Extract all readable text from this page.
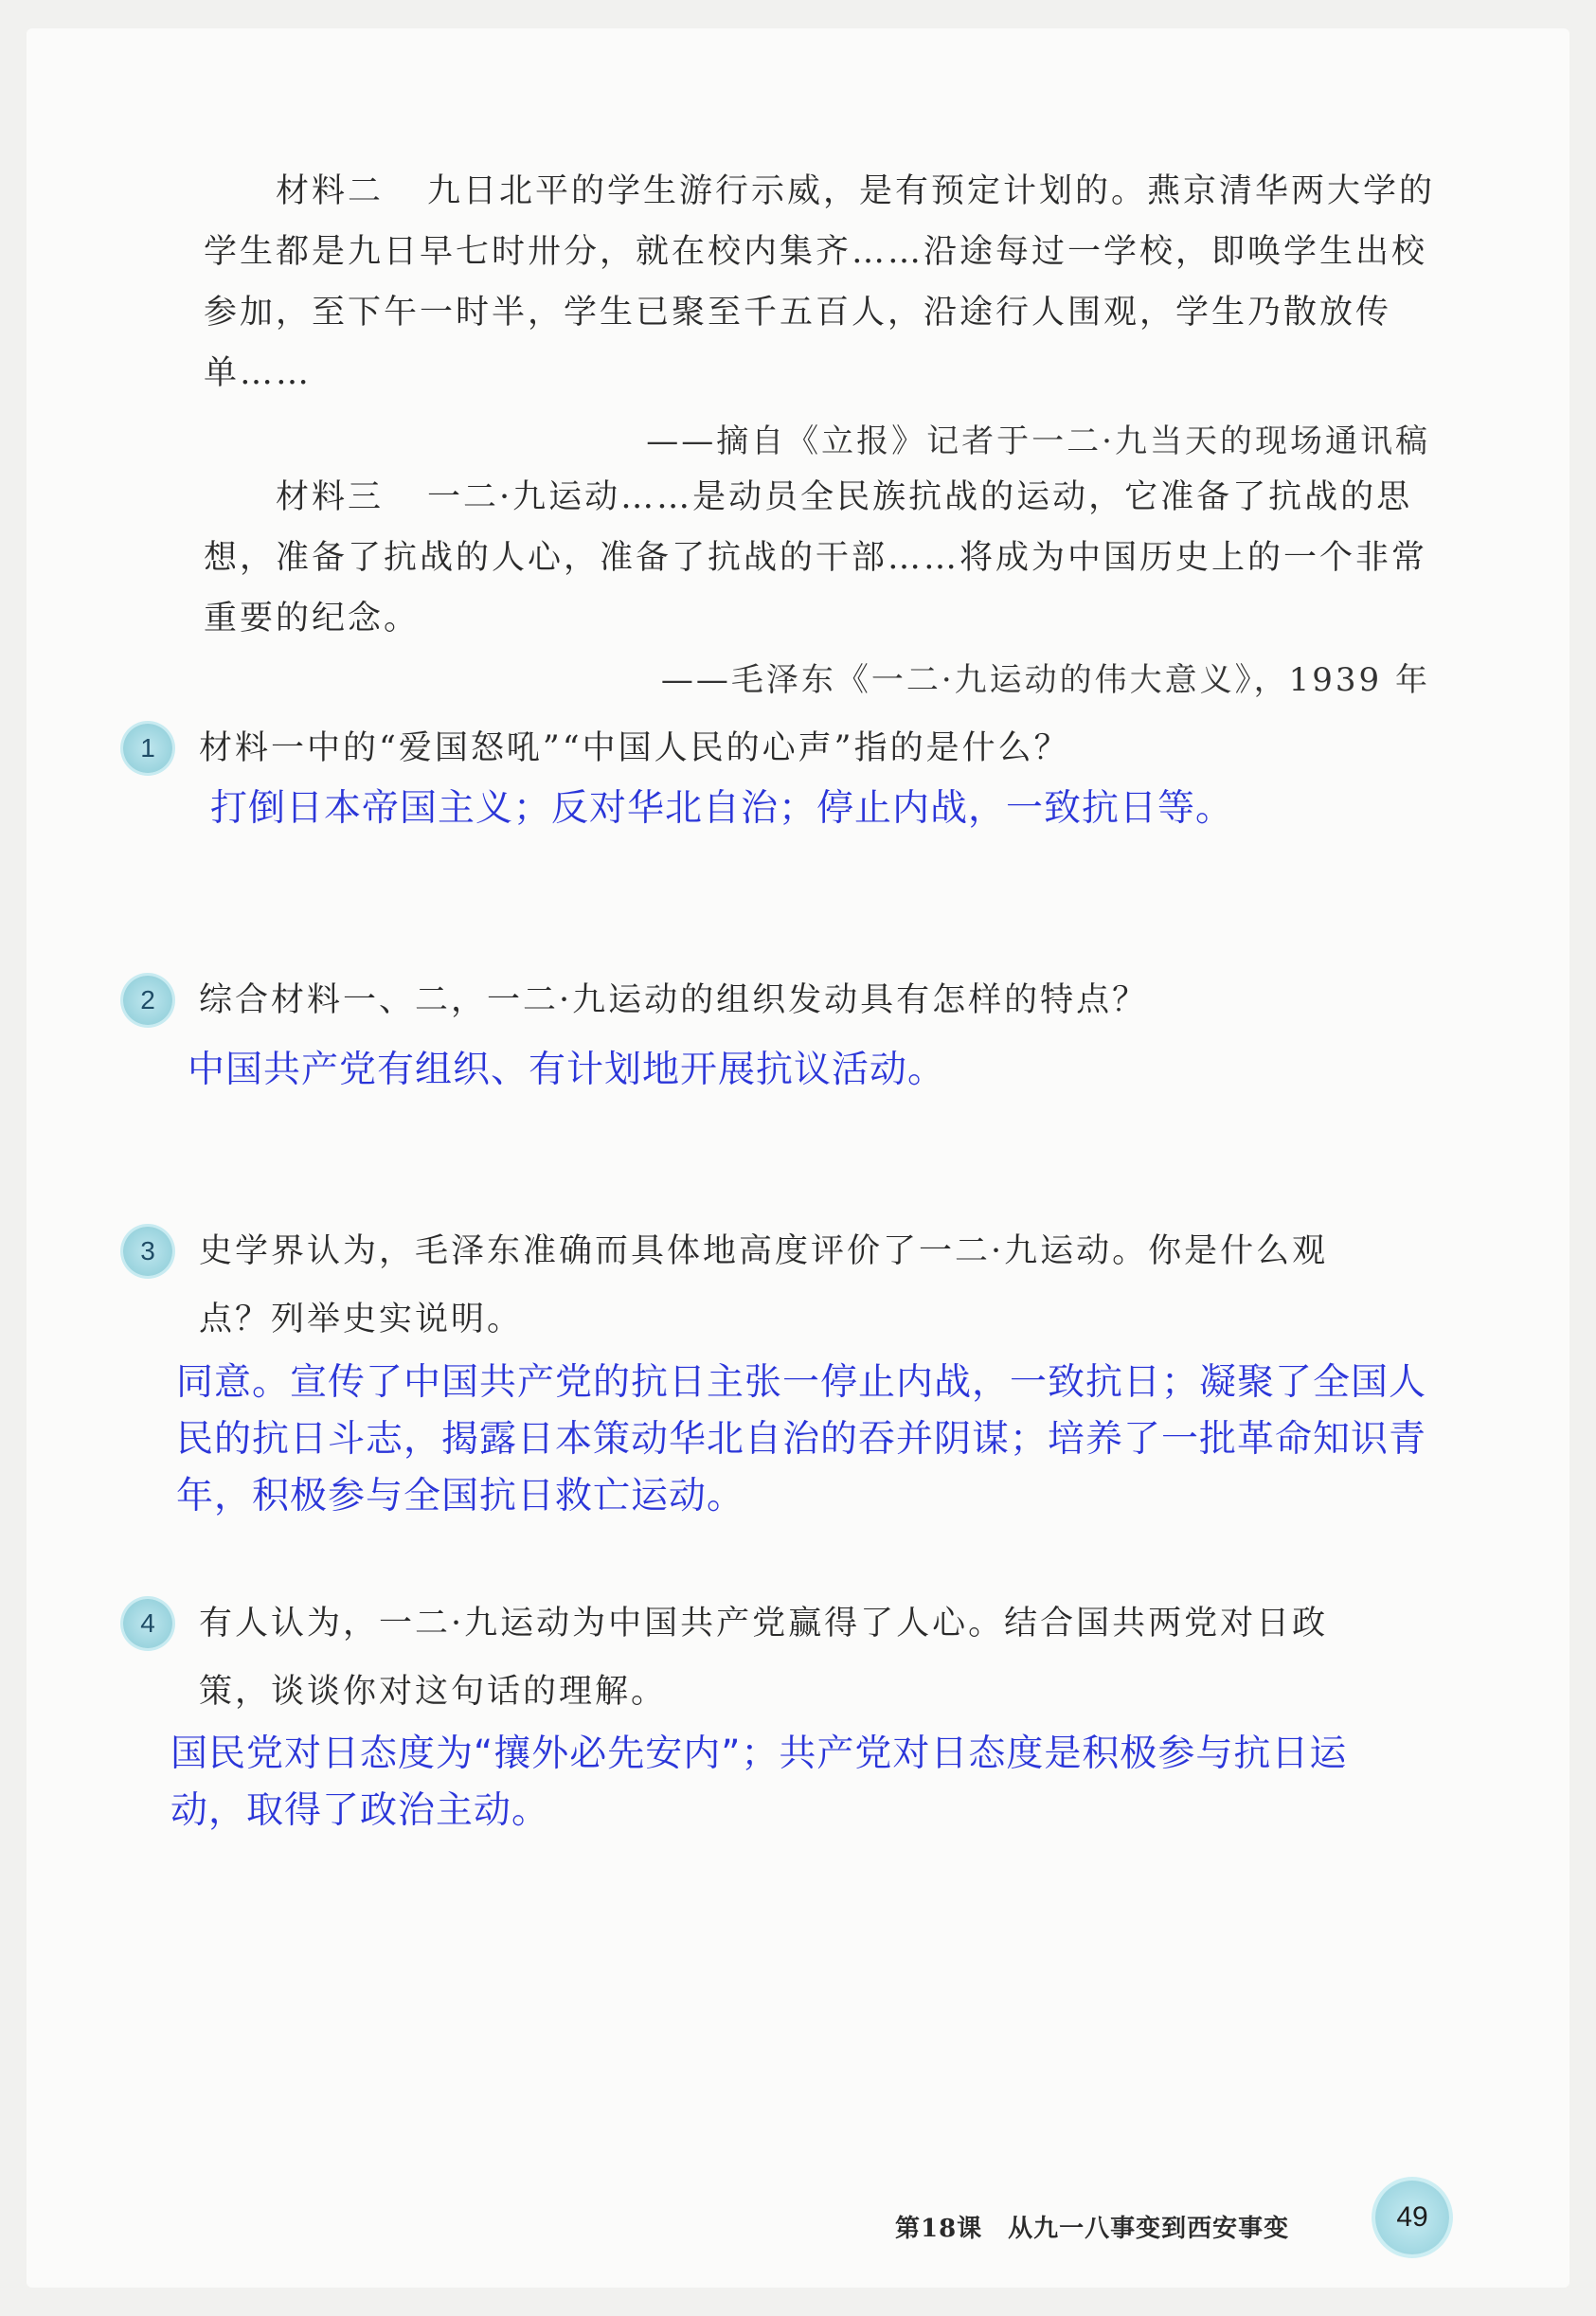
材料二 九日北平的学生游行示威，是有预定计划的。燕京清华两大学的学生都是九日早七时卅分，就在校内集齐……沿途每过一学校，即唤学生出校参加，至下午一时半，学生已聚至千五百人，沿途行人围观，学生乃散放传单……

——摘自《立报》记者于一二·九当天的现场通讯稿

材料三 一二·九运动……是动员全民族抗战的运动，它准备了抗战的思想，准备了抗战的人心，准备了抗战的干部……将成为中国历史上的一个非常重要的纪念。

——毛泽东《一二·九运动的伟大意义》，1939 年
1	材料一中的“爱国怒吼”“中国人民的心声”指的是什么？
打倒日本帝国主义；反对华北自治；停止内战，一致抗日等。
2	综合材料一、二，一二·九运动的组织发动具有怎样的特点？
中国共产党有组织、有计划地开展抗议活动。
3	史学界认为，毛泽东准确而具体地高度评价了一二·九运动。你是什么观
点？列举史实说明。
同意。宣传了中国共产党的抗日主张一停止内战，一致抗日；凝聚了全国人民的抗日斗志，揭露日本策动华北自治的吞并阴谋；培养了一批革命知识青年，积极参与全国抗日救亡运动。
4	有人认为，一二·九运动为中国共产党赢得了人心。结合国共两党对日政
策，谈谈你对这句话的理解。
国民党对日态度为“攘外必先安内”；共产党对日态度是积极参与抗日运动，取得了政治主动。
第18课　从九一八事变到西安事变	49
